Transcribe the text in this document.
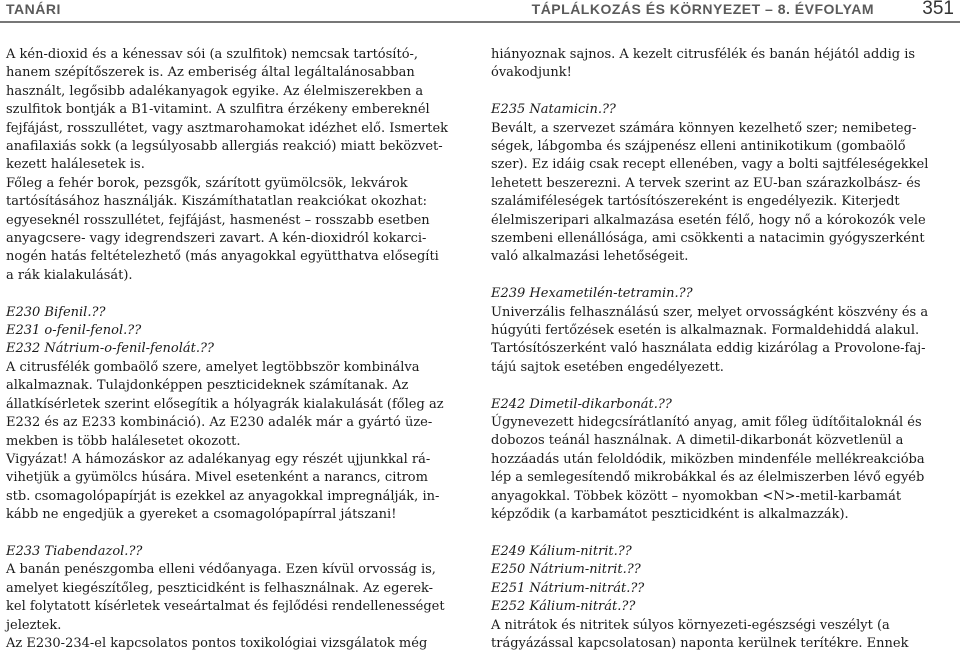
TANÁRI	TÁPLÁLKOZÁS ÉS KÖRNYEZET – 8. ÉVFOLYAM	351

A kén-dioxid és a kénessav sói (a szulfitok) nemcsak tartósító-,

hanem szépítőszerek is. Az emberiség által legáltalánosabban

használt, legősibb adalékanyagok egyike. Az élelmiszerekben a

szulfitok bontják a B1-vitamint. A szulfitra érzékeny embereknél

fejfájást, rosszullétet, vagy asztmarohamokat idézhet elő. Ismertek

anafilaxiás sokk (a legsúlyosabb allergiás reakció) miatt beközvet-

kezett halálesetek is.

Főleg a fehér borok, pezsgők, szárított gyümölcsök, lekvárok

tartósításához használják. Kiszámíthatatlan reakciókat okozhat:

egyeseknél rosszullétet, fejfájást, hasmenést – rosszabb esetben

anyagcsere- vagy idegrendszeri zavart. A kén-dioxidról kokarci-

nogén hatás feltételezhető (más anyagokkal együtthatva elősegíti

a rák kialakulását).

E230 Bifenil.??

E231 o-fenil-fenol.??

E232 Nátrium-o-fenil-fenolát.??

A citrusfélék gombaölő szere, amelyet legtöbbször kombinálva

alkalmaznak. Tulajdonképpen peszticideknek számítanak. Az

állatkísérletek szerint elősegítik a hólyagrák kialakulását (főleg az

E232 és az E233 kombináció). Az E230 adalék már a gyártó üze-

mekben is több halálesetet okozott.

Vigyázat! A hámozáskor az adalékanyag egy részét ujjunkkal rá-

vihetjük a gyümölcs húsára. Mivel esetenként a narancs, citrom

stb. csomagolópapírját is ezekkel az anyagokkal impregnálják, in-

kább ne engedjük a gyereket a csomagolópapírral játszani!

E233 Tiabendazol.??

A banán penészgomba elleni védőanyaga. Ezen kívül orvosság is,

amelyet kiegészítőleg, peszticidként is felhasználnak. Az egerek-

kel folytatott kísérletek veseártalmat és fejlődési rendellenességet

jeleztek.

Az E230-234-el kapcsolatos pontos toxikológiai vizsgálatok még

hiányoznak sajnos. A kezelt citrusfélék és banán héjától addig is

óvakodjunk!

E235 Natamicin.??

Bevált, a szervezet számára könnyen kezelhető szer; nemibeteg-

ségek, lábgomba és szájpenész elleni antinikotikum (gombaölő

szer). Ez idáig csak recept ellenében, vagy a bolti sajtféleségekkel

lehetett beszerezni. A tervek szerint az EU-ban szárazkolbász- és

szalámiféleségek tartósítószereként is engedélyezik. Kiterjedt

élelmiszeripari alkalmazása esetén félő, hogy nő a kórokozók vele

szembeni ellenállósága, ami csökkenti a natacimin gyógyszerként

való alkalmazási lehetőségeit.

E239 Hexametilén-tetramin.??

Univerzális felhasználású szer, melyet orvosságként köszvény és a

húgyúti fertőzések esetén is alkalmaznak. Formaldehiddá alakul.

Tartósítószerként való használata eddig kizárólag a Provolone-faj-

tájú sajtok esetében engedélyezett.

E242 Dimetil-dikarbonát.??

Úgynevezett hidegcsírátlanító anyag, amit főleg üdítőitaloknál és

dobozos teánál használnak. A dimetil-dikarbonát közvetlenül a

hozzáadás után feloldódik, miközben mindenféle mellékreakcióba

lép a semlegesítendő mikrobákkal és az élelmiszerben lévő egyéb

anyagokkal. Többek között – nyomokban <N>-metil-karbamát

képződik (a karbamátot peszticidként is alkalmazzák).

E249 Kálium-nitrit.??

E250 Nátrium-nitrit.??

E251 Nátrium-nitrát.??

E252 Kálium-nitrát.??

A nitrátok és nitritek súlyos környezeti-egészségi veszélyt (a

trágyázással kapcsolatosan) naponta kerülnek terítékre. Ennek
